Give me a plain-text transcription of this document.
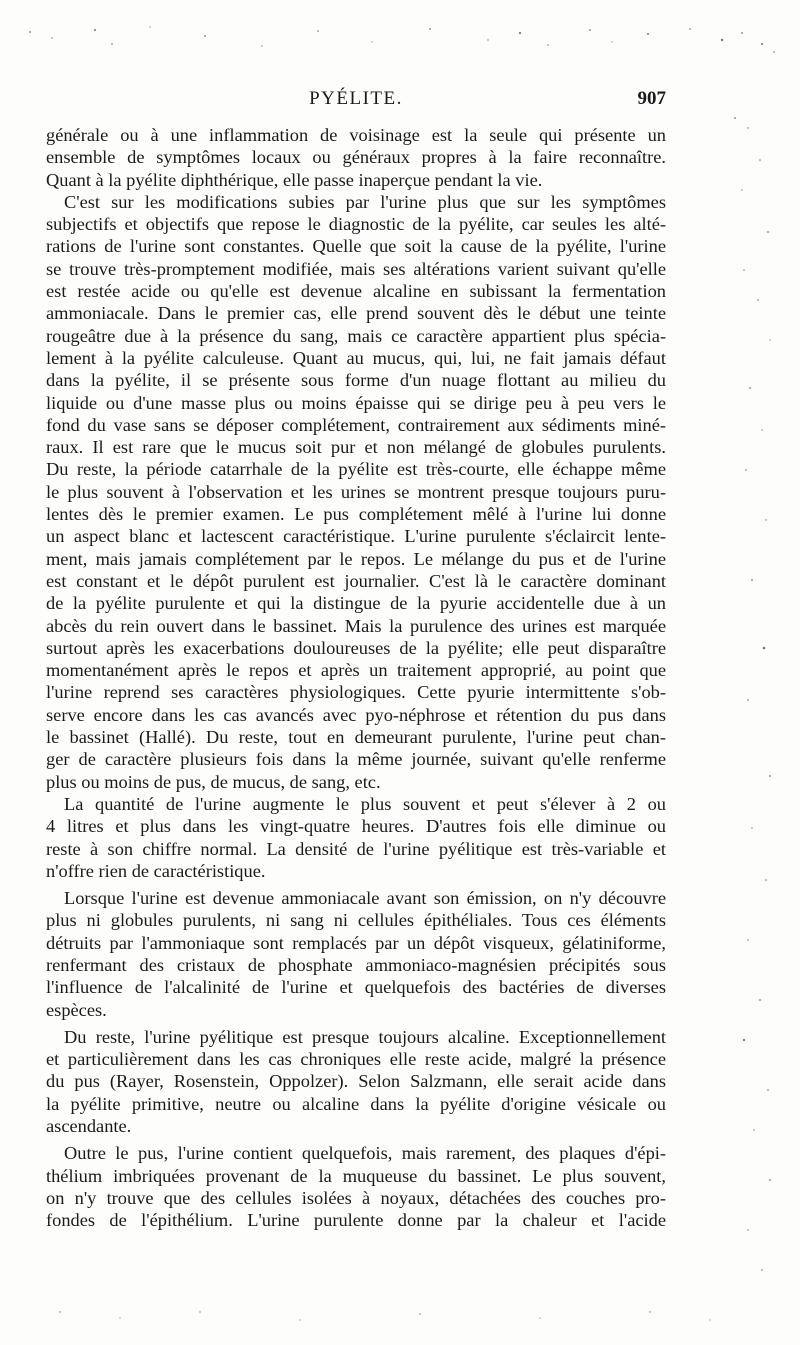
PYÉLITE.	907
générale ou à une inflammation de voisinage est la seule qui présente un
ensemble de symptômes locaux ou généraux propres à la faire reconnaître.
Quant à la pyélite diphthérique, elle passe inaperçue pendant la vie.
C'est sur les modifications subies par l'urine plus que sur les symptômes
subjectifs et objectifs que repose le diagnostic de la pyélite, car seules les alté-
rations de l'urine sont constantes. Quelle que soit la cause de la pyélite, l'urine
se trouve très-promptement modifiée, mais ses altérations varient suivant qu'elle
est restée acide ou qu'elle est devenue alcaline en subissant la fermentation
ammoniacale. Dans le premier cas, elle prend souvent dès le début une teinte
rougeâtre due à la présence du sang, mais ce caractère appartient plus spécia-
lement à la pyélite calculeuse. Quant au mucus, qui, lui, ne fait jamais défaut
dans la pyélite, il se présente sous forme d'un nuage flottant au milieu du
liquide ou d'une masse plus ou moins épaisse qui se dirige peu à peu vers le
fond du vase sans se déposer complétement, contrairement aux sédiments miné-
raux. Il est rare que le mucus soit pur et non mélangé de globules purulents.
Du reste, la période catarrhale de la pyélite est très-courte, elle échappe même
le plus souvent à l'observation et les urines se montrent presque toujours puru-
lentes dès le premier examen. Le pus complétement mêlé à l'urine lui donne
un aspect blanc et lactescent caractéristique. L'urine purulente s'éclaircit lente-
ment, mais jamais complétement par le repos. Le mélange du pus et de l'urine
est constant et le dépôt purulent est journalier. C'est là le caractère dominant
de la pyélite purulente et qui la distingue de la pyurie accidentelle due à un
abcès du rein ouvert dans le bassinet. Mais la purulence des urines est marquée
surtout après les exacerbations douloureuses de la pyélite; elle peut disparaître
momentanément après le repos et après un traitement approprié, au point que
l'urine reprend ses caractères physiologiques. Cette pyurie intermittente s'ob-
serve encore dans les cas avancés avec pyo-néphrose et rétention du pus dans
le bassinet (Hallé). Du reste, tout en demeurant purulente, l'urine peut chan-
ger de caractère plusieurs fois dans la même journée, suivant qu'elle renferme
plus ou moins de pus, de mucus, de sang, etc.
La quantité de l'urine augmente le plus souvent et peut s'élever à 2 ou
4 litres et plus dans les vingt-quatre heures. D'autres fois elle diminue ou
reste à son chiffre normal. La densité de l'urine pyélitique est très-variable et
n'offre rien de caractéristique.
Lorsque l'urine est devenue ammoniacale avant son émission, on n'y découvre
plus ni globules purulents, ni sang ni cellules épithéliales. Tous ces éléments
détruits par l'ammoniaque sont remplacés par un dépôt visqueux, gélatiniforme,
renfermant des cristaux de phosphate ammoniaco-magnésien précipités sous
l'influence de l'alcalinité de l'urine et quelquefois des bactéries de diverses
espèces.
Du reste, l'urine pyélitique est presque toujours alcaline. Exceptionnellement
et particulièrement dans les cas chroniques elle reste acide, malgré la présence
du pus (Rayer, Rosenstein, Oppolzer). Selon Salzmann, elle serait acide dans
la pyélite primitive, neutre ou alcaline dans la pyélite d'origine vésicale ou
ascendante.
Outre le pus, l'urine contient quelquefois, mais rarement, des plaques d'épi-
thélium imbriquées provenant de la muqueuse du bassinet. Le plus souvent,
on n'y trouve que des cellules isolées à noyaux, détachées des couches pro-
fondes de l'épithélium. L'urine purulente donne par la chaleur et l'acide
